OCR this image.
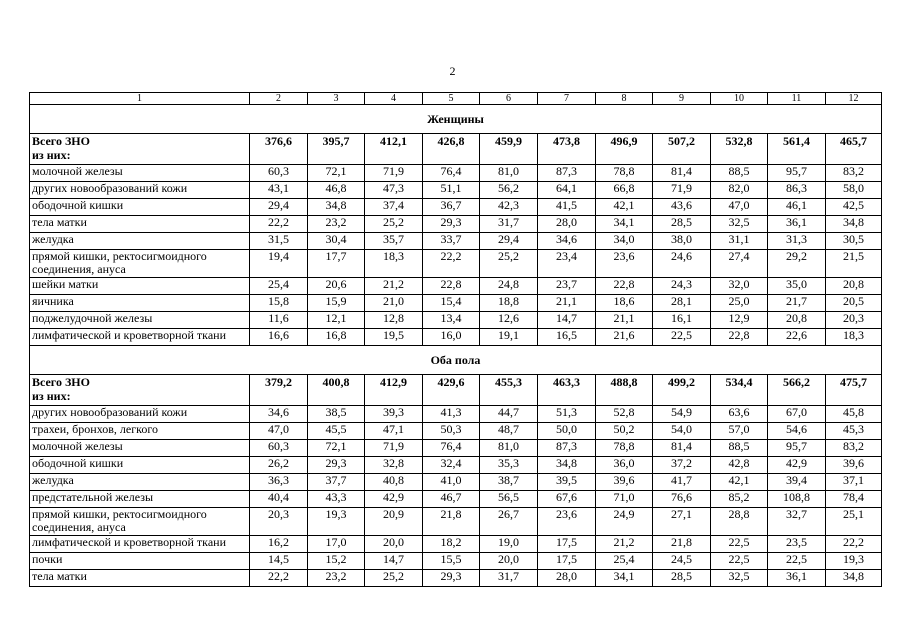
2
1	2	3	4	5	6	7	8	9	10	11	12
Женщины											

Всего ЗНО
из них:	376,6	395,7	412,1	426,8	459,9	473,8	496,9	507,2	532,8	561,4	465,7
молочной железы	60,3	72,1	71,9	76,4	81,0	87,3	78,8	81,4	88,5	95,7	83,2
других новообразований кожи	43,1	46,8	47,3	51,1	56,2	64,1	66,8	71,9	82,0	86,3	58,0
ободочной кишки	29,4	34,8	37,4	36,7	42,3	41,5	42,1	43,6	47,0	46,1	42,5
тела матки	22,2	23,2	25,2	29,3	31,7	28,0	34,1	28,5	32,5	36,1	34,8
желудка	31,5	30,4	35,7	33,7	29,4	34,6	34,0	38,0	31,1	31,3	30,5
прямой кишки, ректосигмоидного соединения, ануса	19,4	17,7	18,3	22,2	25,2	23,4	23,6	24,6	27,4	29,2	21,5
шейки матки	25,4	20,6	21,2	22,8	24,8	23,7	22,8	24,3	32,0	35,0	20,8
яичника	15,8	15,9	21,0	15,4	18,8	21,1	18,6	28,1	25,0	21,7	20,5
поджелудочной железы	11,6	12,1	12,8	13,4	12,6	14,7	21,1	16,1	12,9	20,8	20,3
лимфатической и кроветворной ткани	16,6	16,8	19,5	16,0	19,1	16,5	21,6	22,5	22,8	22,6	18,3
Оба пола											

Всего ЗНО
из них:	379,2	400,8	412,9	429,6	455,3	463,3	488,8	499,2	534,4	566,2	475,7
других новообразований кожи	34,6	38,5	39,3	41,3	44,7	51,3	52,8	54,9	63,6	67,0	45,8
трахеи, бронхов, легкого	47,0	45,5	47,1	50,3	48,7	50,0	50,2	54,0	57,0	54,6	45,3
молочной железы	60,3	72,1	71,9	76,4	81,0	87,3	78,8	81,4	88,5	95,7	83,2
ободочной кишки	26,2	29,3	32,8	32,4	35,3	34,8	36,0	37,2	42,8	42,9	39,6
желудка	36,3	37,7	40,8	41,0	38,7	39,5	39,6	41,7	42,1	39,4	37,1
предстательной железы	40,4	43,3	42,9	46,7	56,5	67,6	71,0	76,6	85,2	108,8	78,4
прямой кишки, ректосигмоидного соединения, ануса	20,3	19,3	20,9	21,8	26,7	23,6	24,9	27,1	28,8	32,7	25,1
лимфатической и кроветворной ткани	16,2	17,0	20,0	18,2	19,0	17,5	21,2	21,8	22,5	23,5	22,2
почки	14,5	15,2	14,7	15,5	20,0	17,5	25,4	24,5	22,5	22,5	19,3
тела матки	22,2	23,2	25,2	29,3	31,7	28,0	34,1	28,5	32,5	36,1	34,8
